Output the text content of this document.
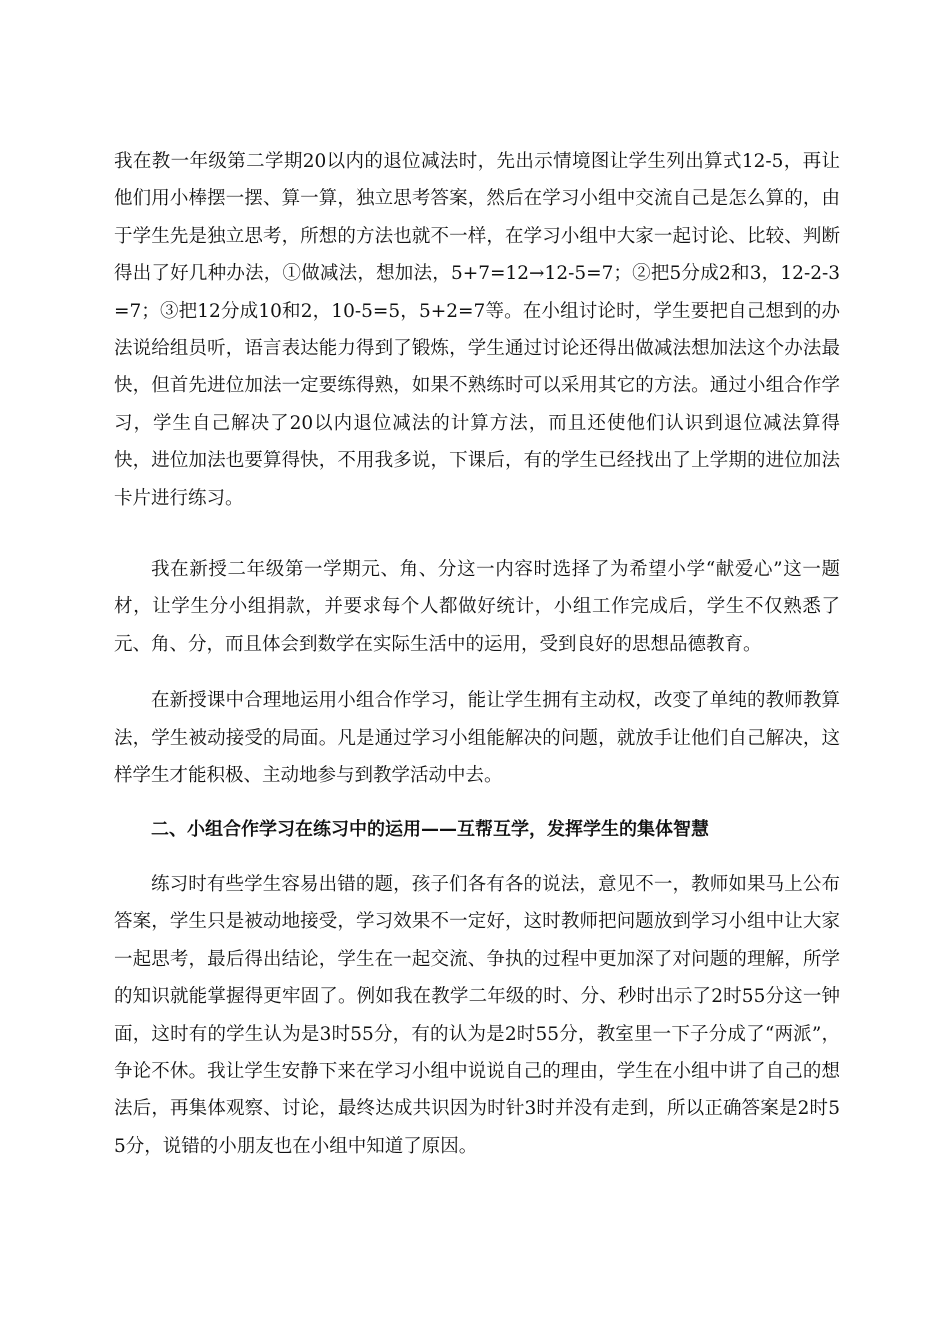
我在教一年级第二学期20以内的退位减法时，先出示情境图让学生列出算式12-5，再让他们用小棒摆一摆、算一算，独立思考答案，然后在学习小组中交流自己是怎么算的，由于学生先是独立思考，所想的方法也就不一样，在学习小组中大家一起讨论、比较、判断得出了好几种办法，①做减法，想加法，5+7=12→12-5=7；②把5分成2和3，12-2-3=7；③把12分成10和2，10-5=5，5+2=7等。在小组讨论时，学生要把自己想到的办法说给组员听，语言表达能力得到了锻炼，学生通过讨论还得出做减法想加法这个办法最快，但首先进位加法一定要练得熟，如果不熟练时可以采用其它的方法。通过小组合作学习，学生自己解决了20以内退位减法的计算方法，而且还使他们认识到退位减法算得快，进位加法也要算得快，不用我多说，下课后，有的学生已经找出了上学期的进位加法卡片进行练习。

我在新授二年级第一学期元、角、分这一内容时选择了为希望小学“献爱心”这一题材，让学生分小组捐款，并要求每个人都做好统计，小组工作完成后，学生不仅熟悉了元、角、分，而且体会到数学在实际生活中的运用，受到良好的思想品德教育。

在新授课中合理地运用小组合作学习，能让学生拥有主动权，改变了单纯的教师教算法，学生被动接受的局面。凡是通过学习小组能解决的问题，就放手让他们自己解决，这样学生才能积极、主动地参与到教学活动中去。

二、小组合作学习在练习中的运用——互帮互学，发挥学生的集体智慧

练习时有些学生容易出错的题，孩子们各有各的说法，意见不一，教师如果马上公布答案，学生只是被动地接受，学习效果不一定好，这时教师把问题放到学习小组中让大家一起思考，最后得出结论，学生在一起交流、争执的过程中更加深了对问题的理解，所学的知识就能掌握得更牢固了。例如我在教学二年级的时、分、秒时出示了2时55分这一钟面，这时有的学生认为是3时55分，有的认为是2时55分，教室里一下子分成了“两派”，争论不休。我让学生安静下来在学习小组中说说自己的理由，学生在小组中讲了自己的想法后，再集体观察、讨论，最终达成共识因为时针3时并没有走到，所以正确答案是2时55分，说错的小朋友也在小组中知道了原因。
